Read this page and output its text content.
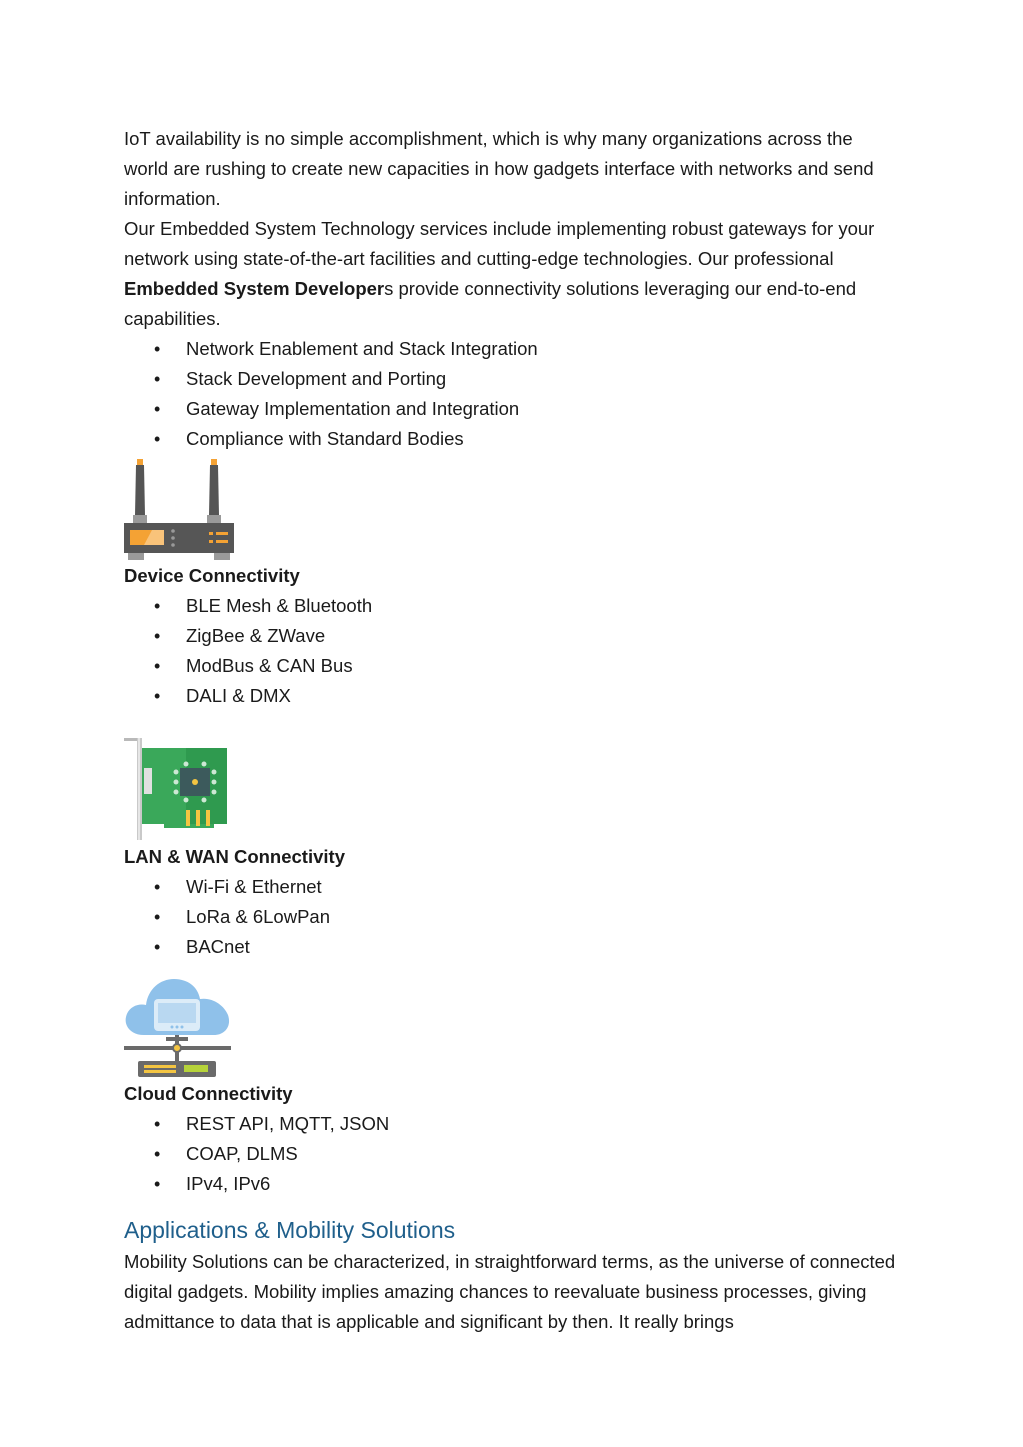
IoT availability is no simple accomplishment, which is why many organizations across the world are rushing to create new capacities in how gadgets interface with networks and send information.

Our Embedded System Technology services include implementing robust gateways for your network using state-of-the-art facilities and cutting-edge technologies. Our professional Embedded System Developers provide connectivity solutions leveraging our end-to-end capabilities.

• Network Enablement and Stack Integration
• Stack Development and Porting
• Gateway Implementation and Integration
• Compliance with Standard Bodies

Device Connectivity

• BLE Mesh & Bluetooth
• ZigBee & ZWave
• ModBus & CAN Bus
• DALI & DMX

LAN & WAN Connectivity

• Wi-Fi & Ethernet
• LoRa & 6LowPan
• BACnet

Cloud Connectivity

• REST API, MQTT, JSON
• COAP, DLMS
• IPv4, IPv6
Applications & Mobility Solutions

Mobility Solutions can be characterized, in straightforward terms, as the universe of connected digital gadgets. Mobility implies amazing chances to reevaluate business processes, giving admittance to data that is applicable and significant by then. It really brings
